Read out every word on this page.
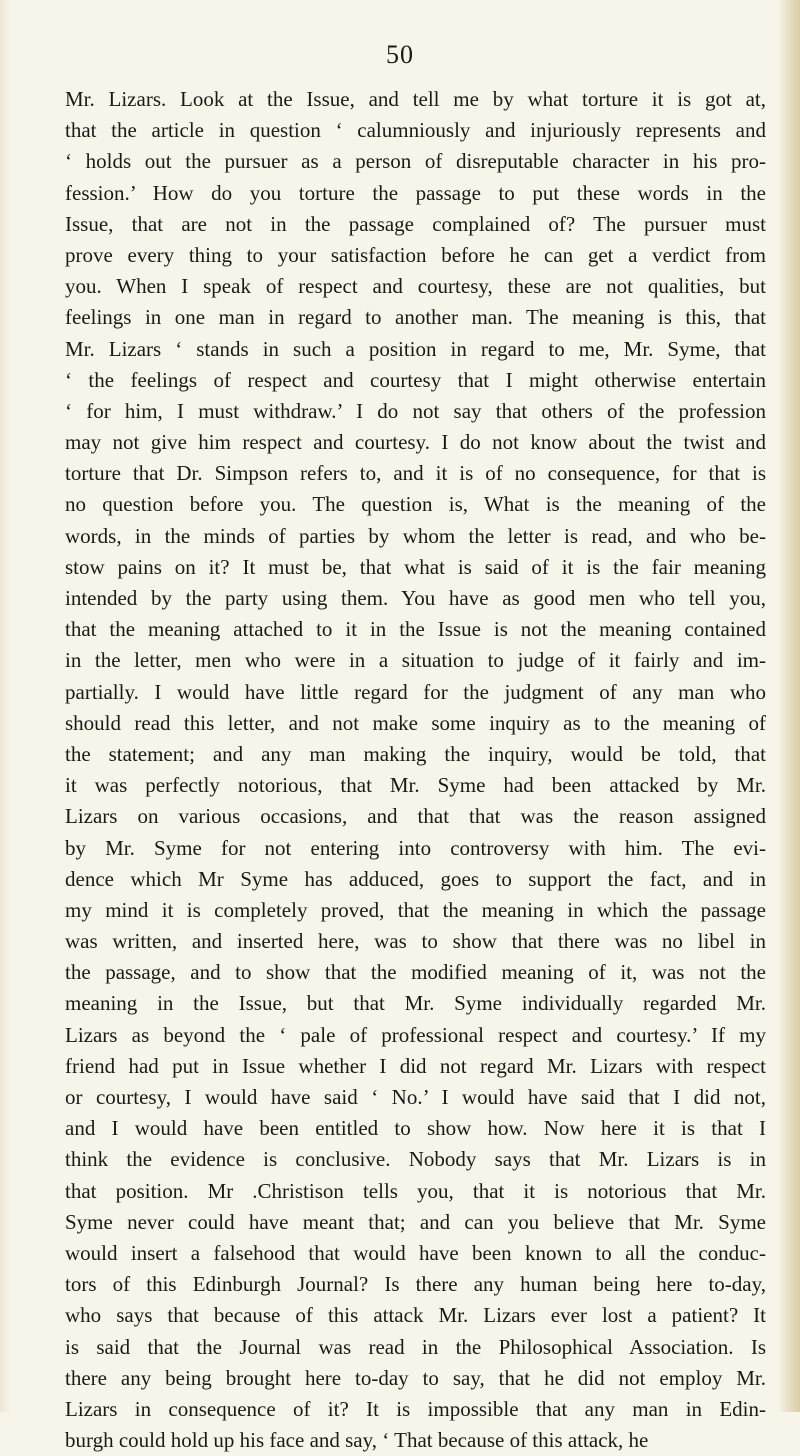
50
Mr. Lizars. Look at the Issue, and tell me by what torture it is got at,
that the article in question ‘ calumniously and injuriously represents and
‘ holds out the pursuer as a person of disreputable character in his pro-
fession.’ How do you torture the passage to put these words in the
Issue, that are not in the passage complained of? The pursuer must
prove every thing to your satisfaction before he can get a verdict from
you. When I speak of respect and courtesy, these are not qualities, but
feelings in one man in regard to another man. The meaning is this, that
Mr. Lizars ‘ stands in such a position in regard to me, Mr. Syme, that
‘ the feelings of respect and courtesy that I might otherwise entertain
‘ for him, I must withdraw.’ I do not say that others of the profession
may not give him respect and courtesy. I do not know about the twist and
torture that Dr. Simpson refers to, and it is of no consequence, for that is
no question before you. The question is, What is the meaning of the
words, in the minds of parties by whom the letter is read, and who be-
stow pains on it? It must be, that what is said of it is the fair meaning
intended by the party using them. You have as good men who tell you,
that the meaning attached to it in the Issue is not the meaning contained
in the letter, men who were in a situation to judge of it fairly and im-
partially. I would have little regard for the judgment of any man who
should read this letter, and not make some inquiry as to the meaning of
the statement; and any man making the inquiry, would be told, that
it was perfectly notorious, that Mr. Syme had been attacked by Mr.
Lizars on various occasions, and that that was the reason assigned
by Mr. Syme for not entering into controversy with him. The evi-
dence which Mr Syme has adduced, goes to support the fact, and in
my mind it is completely proved, that the meaning in which the passage
was written, and inserted here, was to show that there was no libel in
the passage, and to show that the modified meaning of it, was not the
meaning in the Issue, but that Mr. Syme individually regarded Mr.
Lizars as beyond the ‘ pale of professional respect and courtesy.’ If my
friend had put in Issue whether I did not regard Mr. Lizars with respect
or courtesy, I would have said ‘ No.’ I would have said that I did not,
and I would have been entitled to show how. Now here it is that I
think the evidence is conclusive. Nobody says that Mr. Lizars is in
that position. Mr .Christison tells you, that it is notorious that Mr.
Syme never could have meant that; and can you believe that Mr. Syme
would insert a falsehood that would have been known to all the conduc-
tors of this Edinburgh Journal? Is there any human being here to-day,
who says that because of this attack Mr. Lizars ever lost a patient? It
is said that the Journal was read in the Philosophical Association. Is
there any being brought here to-day to say, that he did not employ Mr.
Lizars in consequence of it? It is impossible that any man in Edin-
burgh could hold up his face and say, ‘ That because of this attack, he
